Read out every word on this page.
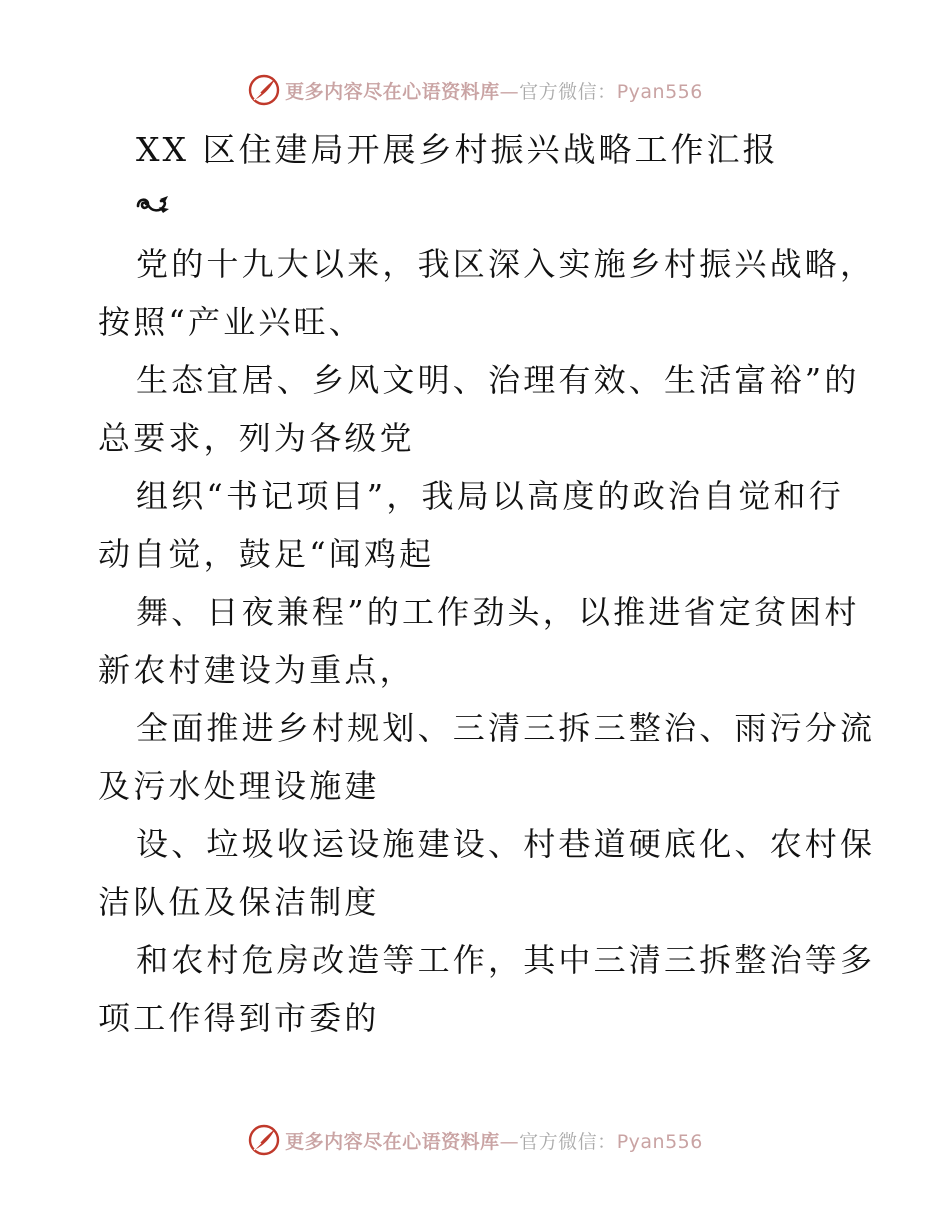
更多内容尽在心语资料库—官方微信：Pyan556
XX 区住建局开展乡村振兴战略工作汇报
党的十九大以来，我区深入实施乡村振兴战略，
按照“产业兴旺、
生态宜居、乡风文明、治理有效、生活富裕”的
总要求，列为各级党
组织“书记项目”，我局以高度的政治自觉和行
动自觉，鼓足“闻鸡起
舞、日夜兼程”的工作劲头，以推进省定贫困村
新农村建设为重点，
全面推进乡村规划、三清三拆三整治、雨污分流
及污水处理设施建
设、垃圾收运设施建设、村巷道硬底化、农村保
洁队伍及保洁制度
和农村危房改造等工作，其中三清三拆整治等多
项工作得到市委的
更多内容尽在心语资料库—官方微信：Pyan556
